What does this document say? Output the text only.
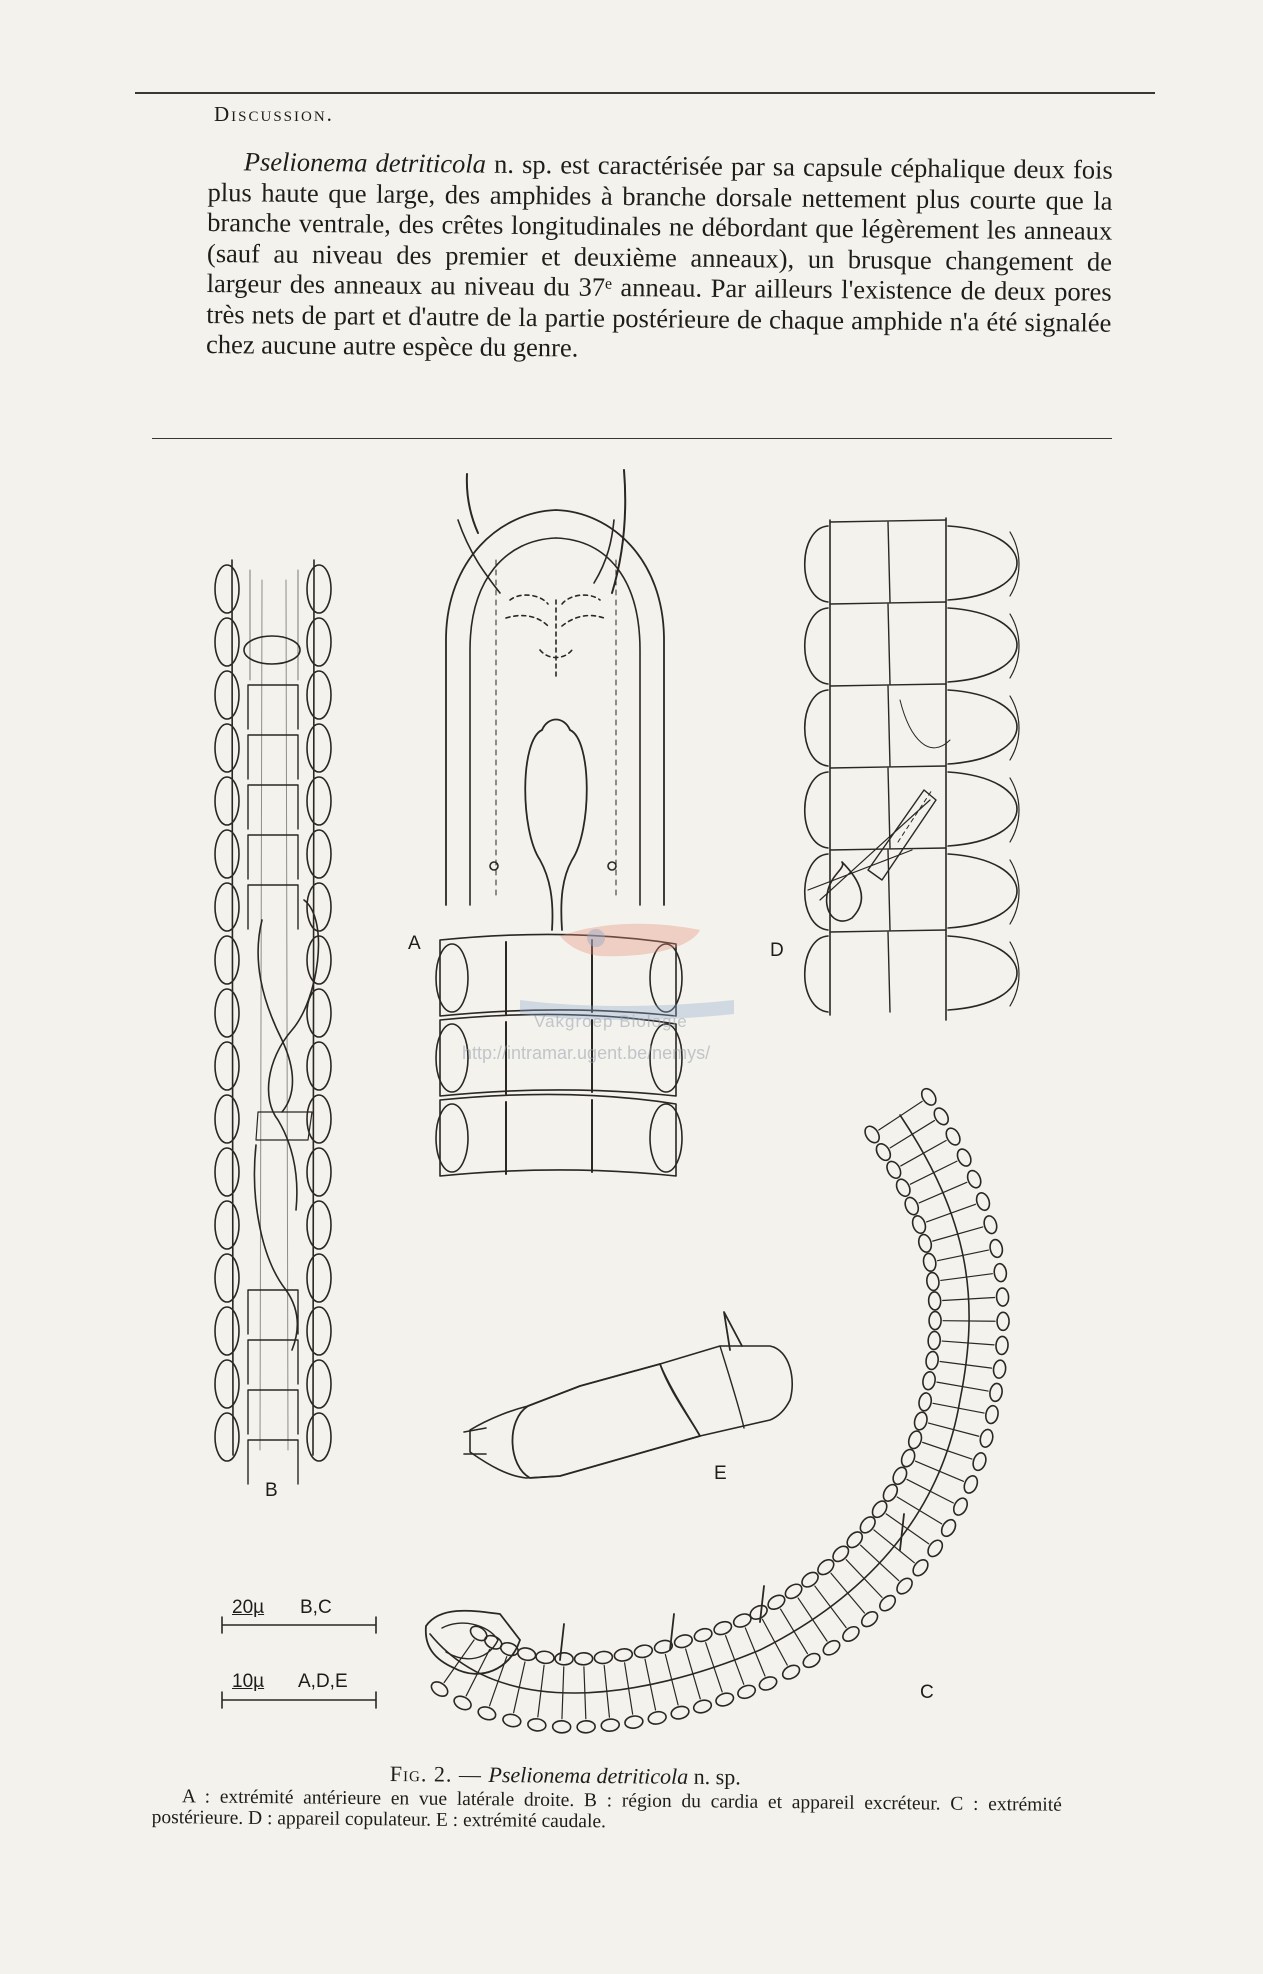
Discussion.

Pselionema detriticola n. sp. est caractérisée par sa capsule céphalique deux fois plus haute que large, des amphides à branche dorsale nettement plus courte que la branche ventrale, des crêtes longitudinales ne débordant que légèrement les anneaux (sauf au niveau des premier et deuxième anneaux), un brusque changement de largeur des anneaux au niveau du 37ᵉ anneau. Par ailleurs l'existence de deux pores très nets de part et d'autre de la partie postérieure de chaque amphide n'a été signalée chez aucune autre espèce du genre.

A
B
C
D
E
20µ B,C
10µ A,D,E
Vakgroep Biologie
http://intramar.ugent.be/nemys/
Fig. 2. — Pselionema detriticola n. sp.

A : extrémité antérieure en vue latérale droite. B : région du cardia et appareil excréteur. C : extrémité postérieure. D : appareil copulateur. E : extrémité caudale.
